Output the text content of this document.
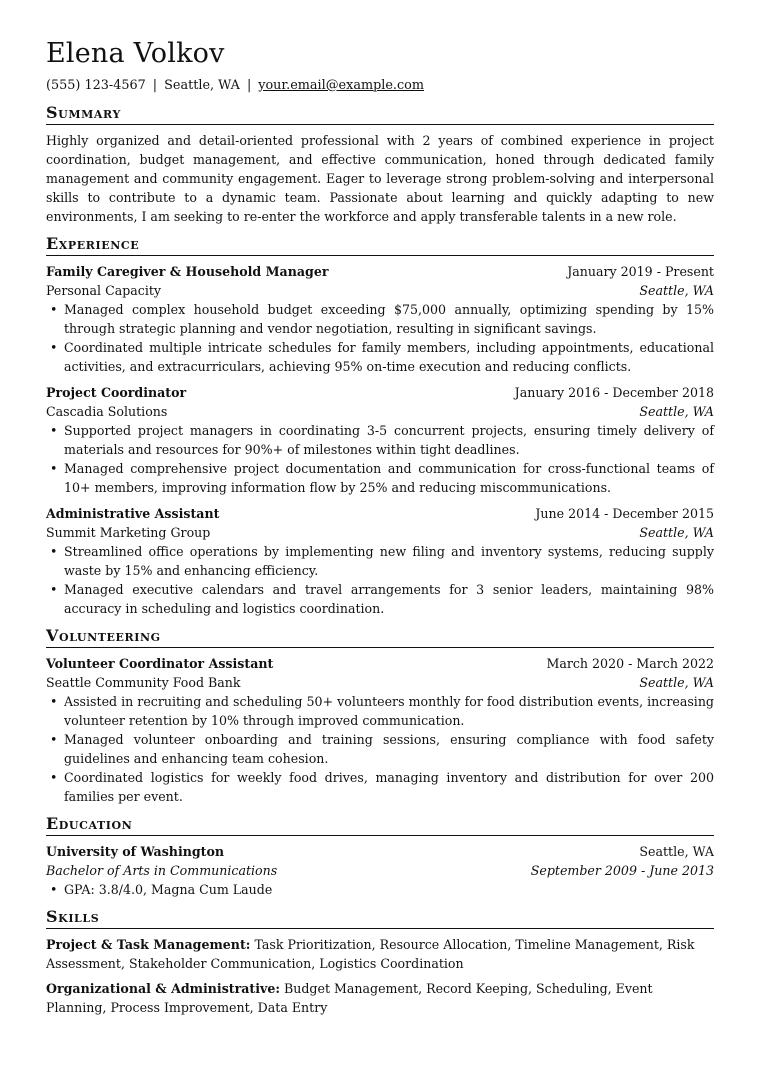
Elena Volkov
(555) 123-4567 | Seattle, WA | your.email@example.com
Summary
Highly organized and detail-oriented professional with 2 years of combined experience in project coordination, budget management, and effective communication, honed through dedicated family management and community engagement. Eager to leverage strong problem-solving and interpersonal skills to contribute to a dynamic team. Passionate about learning and quickly adapting to new environments, I am seeking to re-enter the workforce and apply transferable talents in a new role.
Experience
Family Caregiver & Household Manager	January 2019 - Present
Personal Capacity	Seattle, WA
• Managed complex household budget exceeding $75,000 annually, optimizing spending by 15% through strategic planning and vendor negotiation, resulting in significant savings.
• Coordinated multiple intricate schedules for family members, including appointments, educational activities, and extracurriculars, achieving 95% on-time execution and reducing conflicts.
Project Coordinator	January 2016 - December 2018
Cascadia Solutions	Seattle, WA
• Supported project managers in coordinating 3-5 concurrent projects, ensuring timely delivery of materials and resources for 90%+ of milestones within tight deadlines.
• Managed comprehensive project documentation and communication for cross-functional teams of 10+ members, improving information flow by 25% and reducing miscommunications.
Administrative Assistant	June 2014 - December 2015
Summit Marketing Group	Seattle, WA
• Streamlined office operations by implementing new filing and inventory systems, reducing supply waste by 15% and enhancing efficiency.
• Managed executive calendars and travel arrangements for 3 senior leaders, maintaining 98% accuracy in scheduling and logistics coordination.
Volunteering
Volunteer Coordinator Assistant	March 2020 - March 2022
Seattle Community Food Bank	Seattle, WA
• Assisted in recruiting and scheduling 50+ volunteers monthly for food distribution events, increasing volunteer retention by 10% through improved communication.
• Managed volunteer onboarding and training sessions, ensuring compliance with food safety guidelines and enhancing team cohesion.
• Coordinated logistics for weekly food drives, managing inventory and distribution for over 200 families per event.
Education
University of Washington	Seattle, WA
Bachelor of Arts in Communications	September 2009 - June 2013
• GPA: 3.8/4.0, Magna Cum Laude
Skills
Project & Task Management: Task Prioritization, Resource Allocation, Timeline Management, Risk Assessment, Stakeholder Communication, Logistics Coordination
Organizational & Administrative: Budget Management, Record Keeping, Scheduling, Event Planning, Process Improvement, Data Entry
